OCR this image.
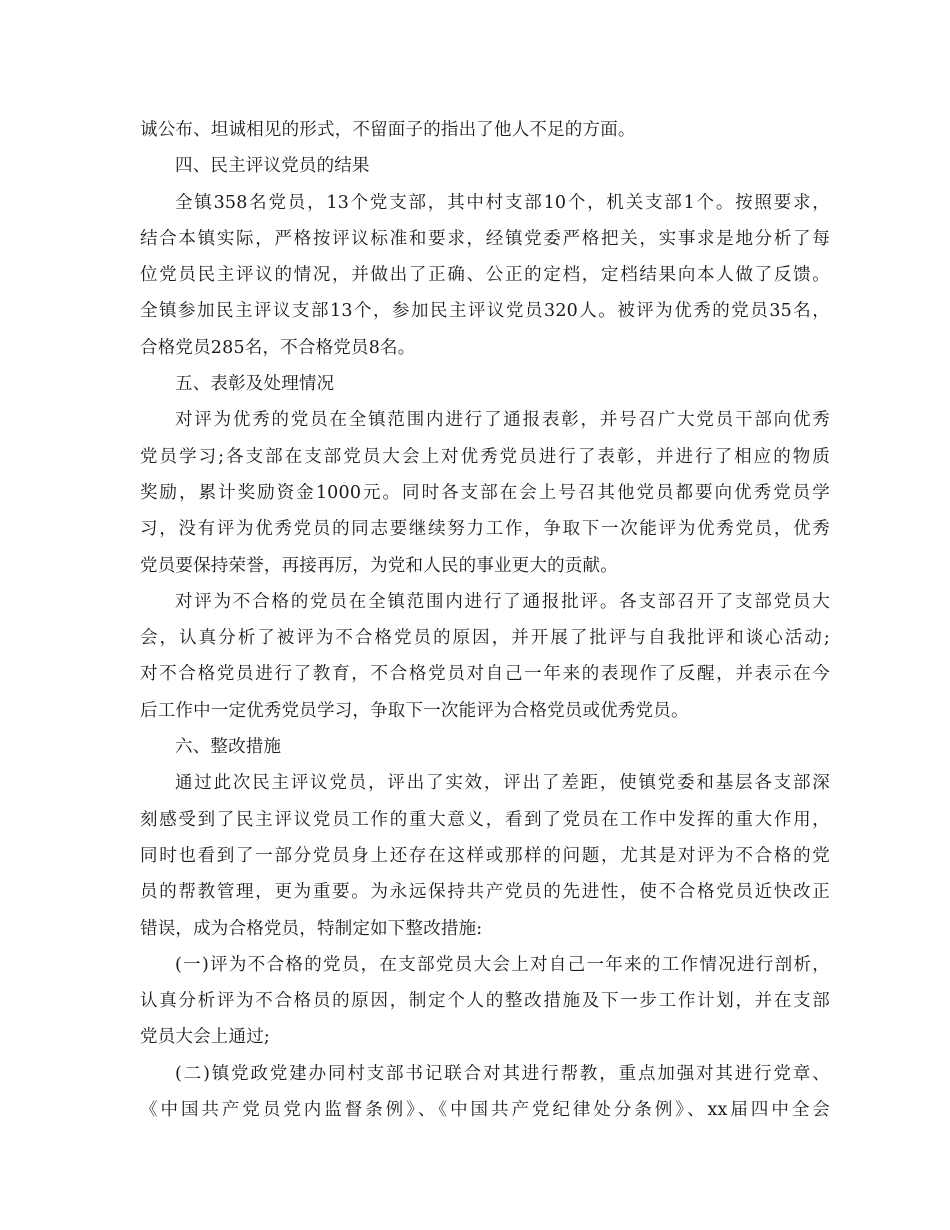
诚公布、坦诚相见的形式，不留面子的指出了他人不足的方面。
四、民主评议党员的结果
全镇358名党员，13个党支部，其中村支部10个，机关支部1个。按照要求，
结合本镇实际，严格按评议标准和要求，经镇党委严格把关，实事求是地分析了每
位党员民主评议的情况，并做出了正确、公正的定档，定档结果向本人做了反馈。
全镇参加民主评议支部13个，参加民主评议党员320人。被评为优秀的党员35名，
合格党员285名，不合格党员8名。
五、表彰及处理情况
对评为优秀的党员在全镇范围内进行了通报表彰，并号召广大党员干部向优秀
党员学习;各支部在支部党员大会上对优秀党员进行了表彰，并进行了相应的物质
奖励，累计奖励资金1000元。同时各支部在会上号召其他党员都要向优秀党员学
习，没有评为优秀党员的同志要继续努力工作，争取下一次能评为优秀党员，优秀
党员要保持荣誉，再接再厉，为党和人民的事业更大的贡献。
对评为不合格的党员在全镇范围内进行了通报批评。各支部召开了支部党员大
会，认真分析了被评为不合格党员的原因，并开展了批评与自我批评和谈心活动;
对不合格党员进行了教育，不合格党员对自己一年来的表现作了反醒，并表示在今
后工作中一定优秀党员学习，争取下一次能评为合格党员或优秀党员。
六、整改措施
通过此次民主评议党员，评出了实效，评出了差距，使镇党委和基层各支部深
刻感受到了民主评议党员工作的重大意义，看到了党员在工作中发挥的重大作用，
同时也看到了一部分党员身上还存在这样或那样的问题，尤其是对评为不合格的党
员的帮教管理，更为重要。为永远保持共产党员的先进性，使不合格党员近快改正
错误，成为合格党员，特制定如下整改措施:
(一)评为不合格的党员，在支部党员大会上对自己一年来的工作情况进行剖析，
认真分析评为不合格员的原因，制定个人的整改措施及下一步工作计划，并在支部
党员大会上通过;
(二)镇党政党建办同村支部书记联合对其进行帮教，重点加强对其进行党章、
《中国共产党员党内监督条例》、《中国共产党纪律处分条例》、xx届四中全会
